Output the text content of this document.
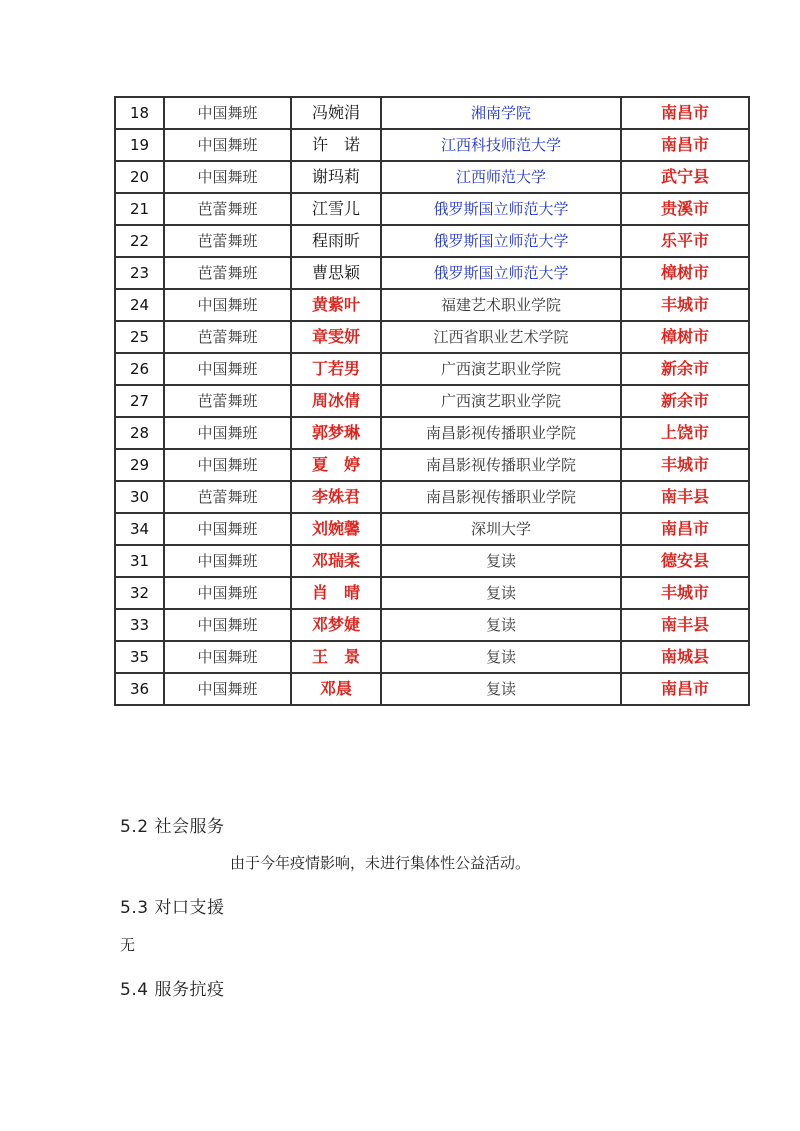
18	中国舞班	冯婉涓	湘南学院	南昌市
19	中国舞班	许　诺	江西科技师范大学	南昌市
20	中国舞班	谢玛莉	江西师范大学	武宁县
21	芭蕾舞班	江雪儿	俄罗斯国立师范大学	贵溪市
22	芭蕾舞班	程雨昕	俄罗斯国立师范大学	乐平市
23	芭蕾舞班	曹思颖	俄罗斯国立师范大学	樟树市
24	中国舞班	黄紫叶	福建艺术职业学院	丰城市
25	芭蕾舞班	章雯妍	江西省职业艺术学院	樟树市
26	中国舞班	丁若男	广西演艺职业学院	新余市
27	芭蕾舞班	周冰倩	广西演艺职业学院	新余市
28	中国舞班	郭梦琳	南昌影视传播职业学院	上饶市
29	中国舞班	夏　婷	南昌影视传播职业学院	丰城市
30	芭蕾舞班	李姝君	南昌影视传播职业学院	南丰县
34	中国舞班	刘婉馨	深圳大学	南昌市
31	中国舞班	邓瑞柔	复读	德安县
32	中国舞班	肖　晴	复读	丰城市
33	中国舞班	邓梦婕	复读	南丰县
35	中国舞班	王　景	复读	南城县
36	中国舞班	邓晨	复读	南昌市
5.2 社会服务
由于今年疫情影响，未进行集体性公益活动。
5.3 对口支援
无
5.4 服务抗疫
